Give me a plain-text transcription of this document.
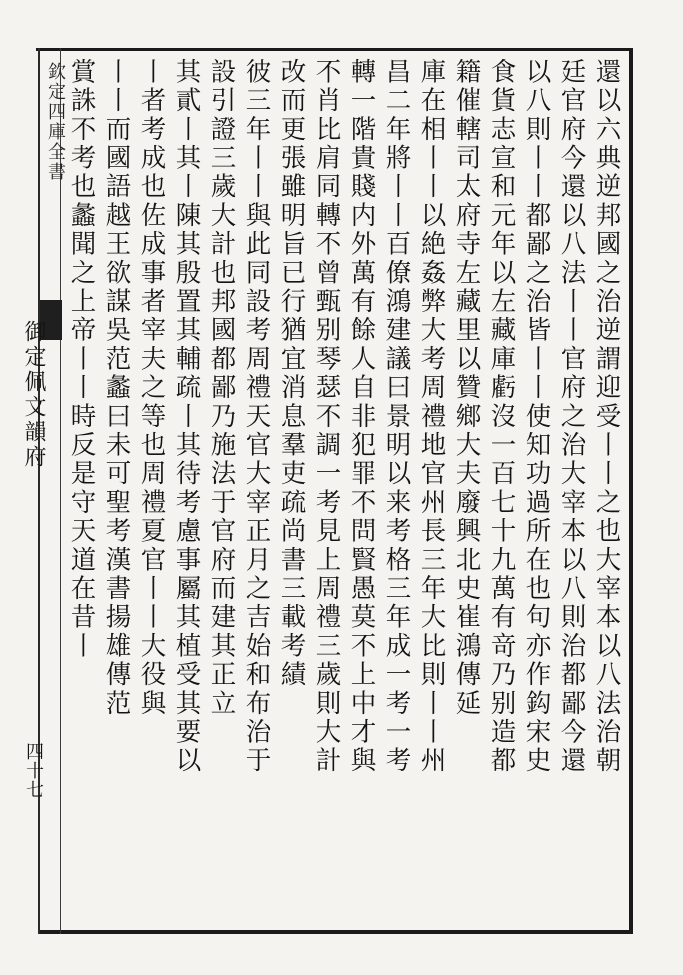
欽定四庫全書
御定佩文韻府
四十七	還以六典逆邦國之治逆謂迎受丨丨之也大宰本以八法治朝
廷官府今還以八法丨丨官府之治大宰本以八則治都鄙今還
以八則丨丨都鄙之治皆丨丨使知功過所在也句亦作鈎宋史
食貨志宣和元年以左藏庫虧沒一百七十九萬有竒乃别造都
籍催轄司太府寺左藏里以贊鄉大夫廢興北史崔鴻傳延
庫在相丨丨以絶姦弊大考周禮地官州長三年大比則丨丨州
昌二年將丨丨百僚鴻建議曰景明以来考格三年成一考一考
轉一階貴賤内外萬有餘人自非犯罪不問賢愚莫不上中才與
不肖比肩同轉不曾甄别琴瑟不調一考見上周禮三歲則大計
改而更張雖明旨已行猶宜消息羣吏疏尚書三載考績
彼三年丨丨與此同設考周禮天官大宰正月之吉始和布治于
設引證三歲大計也邦國都鄙乃施法于官府而建其正立
其貳丨其丨陳其殷置其輔疏丨其待考慮事屬其植受其要以
丨者考成也佐成事者宰夫之等也周禮夏官丨丨大役與
丨丨而國語越王欲謀吳范蠡曰未可聖考漢書揚雄傳范
賞誅不考也蠡聞之上帝丨丨時反是守天道在昔丨
